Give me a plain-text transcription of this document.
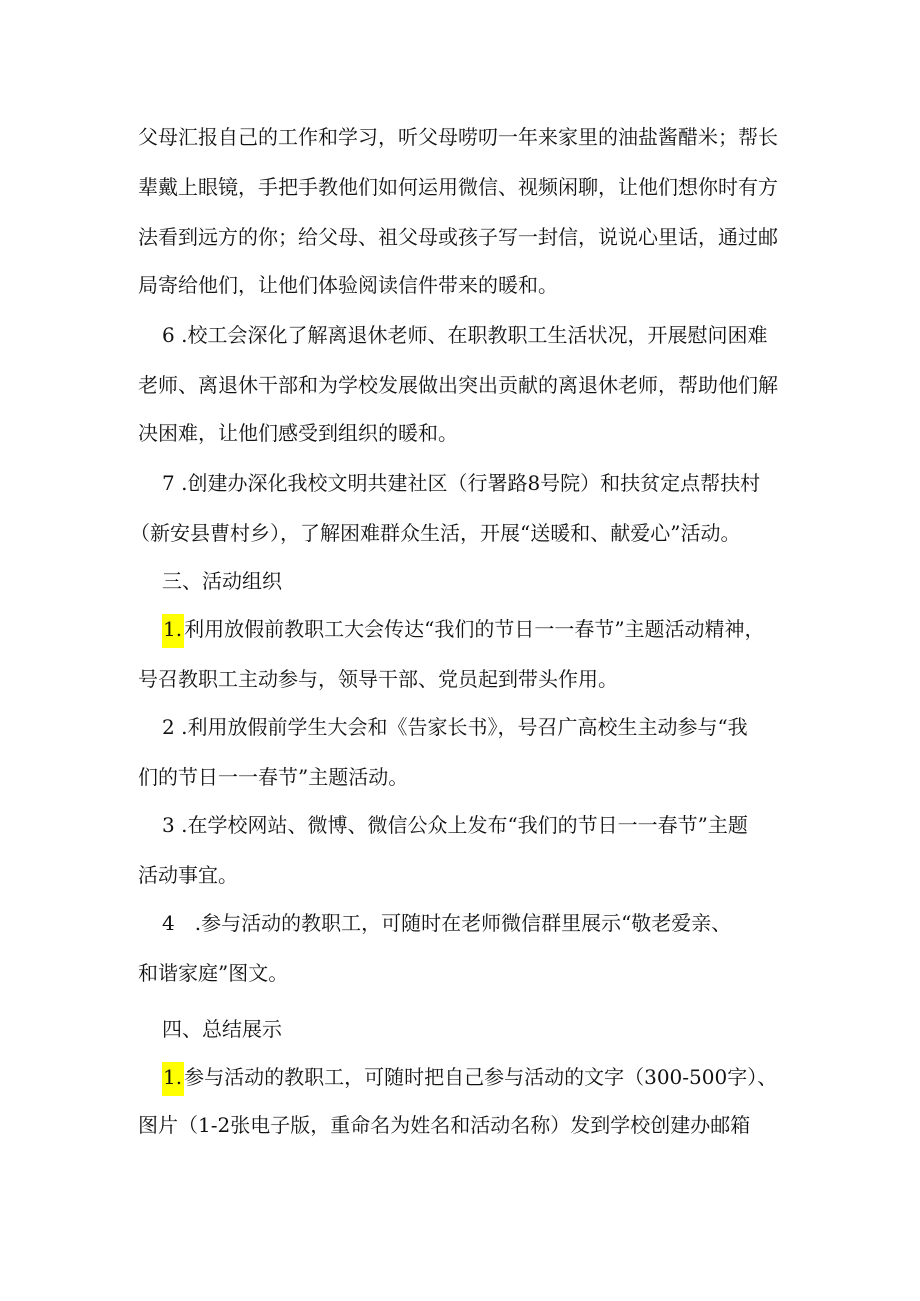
父母汇报自己的工作和学习，听父母唠叨一年来家里的油盐酱醋米；帮长
辈戴上眼镜，手把手教他们如何运用微信、视频闲聊，让他们想你时有方
法看到远方的你；给父母、祖父母或孩子写一封信，说说心里话，通过邮
局寄给他们，让他们体验阅读信件带来的暖和。
6 .校工会深化了解离退休老师、在职教职工生活状况，开展慰问困难
老师、离退休干部和为学校发展做出突出贡献的离退休老师，帮助他们解
决困难，让他们感受到组织的暖和。
7 .创建办深化我校文明共建社区（行署路8号院）和扶贫定点帮扶村
（新安县曹村乡），了解困难群众生活，开展“送暖和、献爱心”活动。
三、活动组织
1. 利用放假前教职工大会传达“我们的节日一一春节”主题活动精神，
号召教职工主动参与，领导干部、党员起到带头作用。
2 .利用放假前学生大会和《告家长书》，号召广高校生主动参与“我
们的节日一一春节”主题活动。
3 .在学校网站、微博、微信公众上发布“我们的节日一一春节”主题
活动事宜。
4　.参与活动的教职工，可随时在老师微信群里展示“敬老爱亲、
和谐家庭”图文。
四、总结展示
1. 参与活动的教职工，可随时把自己参与活动的文字（300-500字）、
图片（1-2张电子版，重命名为姓名和活动名称）发到学校创建办邮箱
